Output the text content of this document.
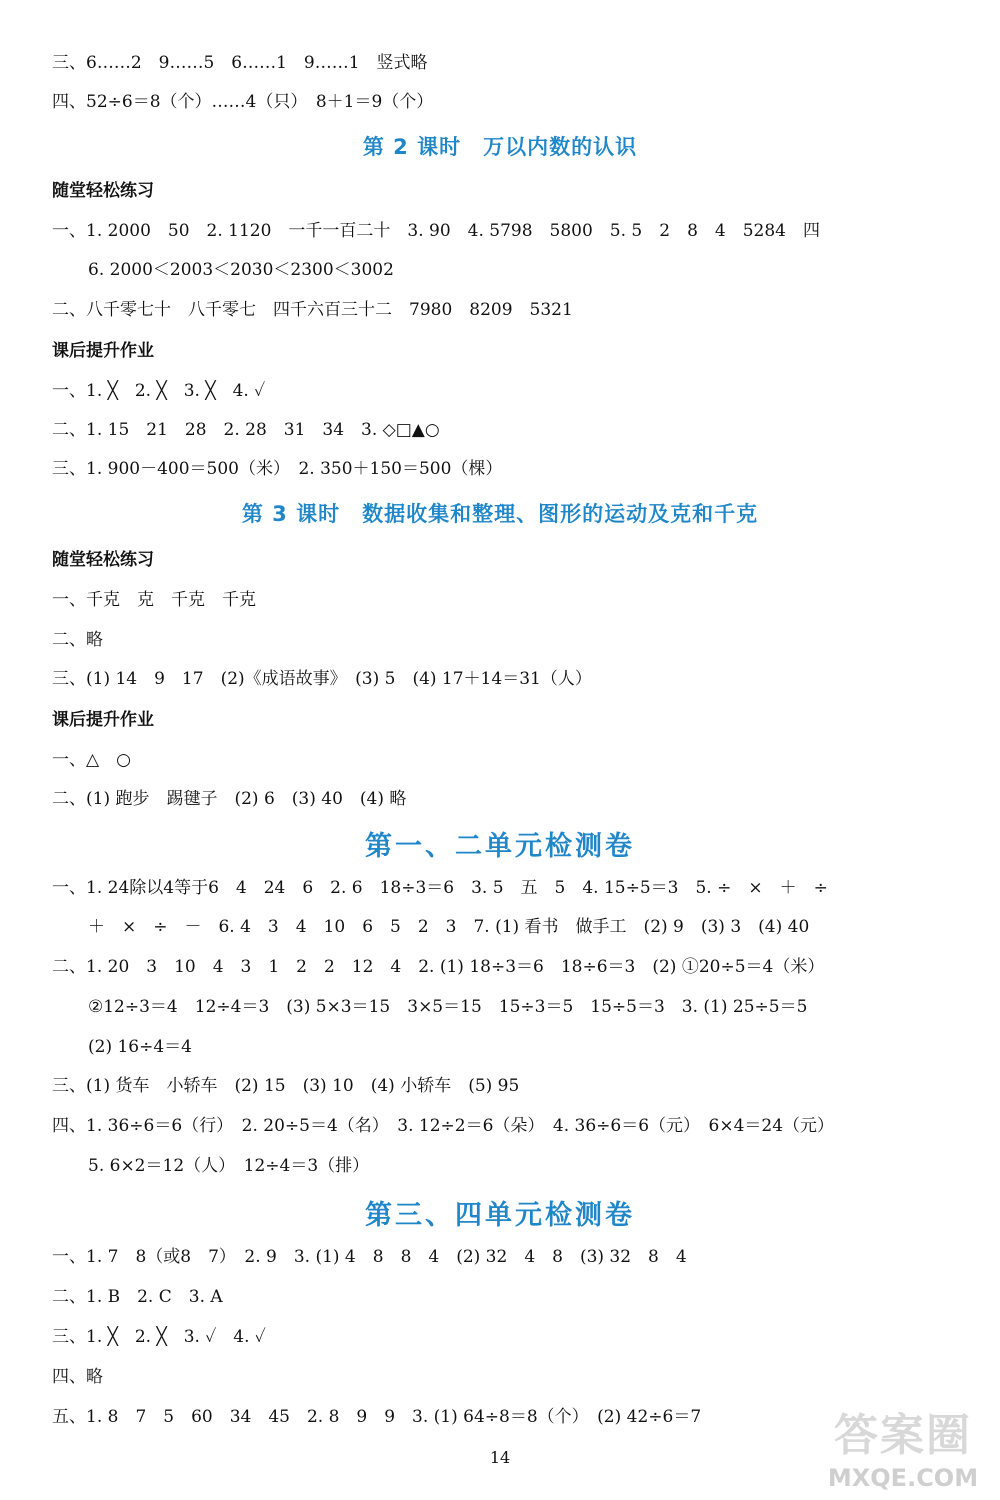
三、6……2　9……5　6……1　9……1　竖式略
四、52÷6＝8（个）……4（只）　8＋1＝9（个）
第 2 课时　万以内数的认识
随堂轻松练习
一、1. 2000　50　2. 1120　一千一百二十　3. 90　4. 5798　5800　5. 5　2　8　4　5284　四
6. 2000＜2003＜2030＜2300＜3002
二、八千零七十　八千零七　四千六百三十二　7980　8209　5321
课后提升作业
一、1. ╳　2. ╳　3. ╳　4. ✓
二、1. 15　21　28　2. 28　31　34　3. ◇□▲○
三、1. 900－400＝500（米）　2. 350＋150＝500（棵）
第 3 课时　数据收集和整理、图形的运动及克和千克
随堂轻松练习
一、千克　克　千克　千克
二、略
三、(1) 14　9　17　(2)《成语故事》　(3) 5　(4) 17＋14＝31（人）
课后提升作业
一、△　○
二、(1) 跑步　踢毽子　(2) 6　(3) 40　(4) 略
第一、二单元检测卷
一、1. 24除以4等于6　4　24　6　2. 6　18÷3＝6　3. 5　五　5　4. 15÷5＝3　5. ÷　×　＋　÷
＋　×　÷　－　6. 4　3　4　10　6　5　2　3　7. (1) 看书　做手工　(2) 9　(3) 3　(4) 40
二、1. 20　3　10　4　3　1　2　2　12　4　2. (1) 18÷3＝6　18÷6＝3　(2) ①20÷5＝4（米）
②12÷3＝4　12÷4＝3　(3) 5×3＝15　3×5＝15　15÷3＝5　15÷5＝3　3. (1) 25÷5＝5
(2) 16÷4＝4
三、(1) 货车　小轿车　(2) 15　(3) 10　(4) 小轿车　(5) 95
四、1. 36÷6＝6（行）　2. 20÷5＝4（名）　3. 12÷2＝6（朵）　4. 36÷6＝6（元）　6×4＝24（元）
5. 6×2＝12（人）　12÷4＝3（排）
第三、四单元检测卷
一、1. 7　8（或8　7）　2. 9　3. (1) 4　8　8　4　(2) 32　4　8　(3) 32　8　4
二、1. B　2. C　3. A
三、1. ╳　2. ╳　3. ✓　4. ✓
四、略
五、1. 8　7　5　60　34　45　2. 8　9　9　3. (1) 64÷8＝8（个）　(2) 42÷6＝7
14	答案圈
MXQE.COM
